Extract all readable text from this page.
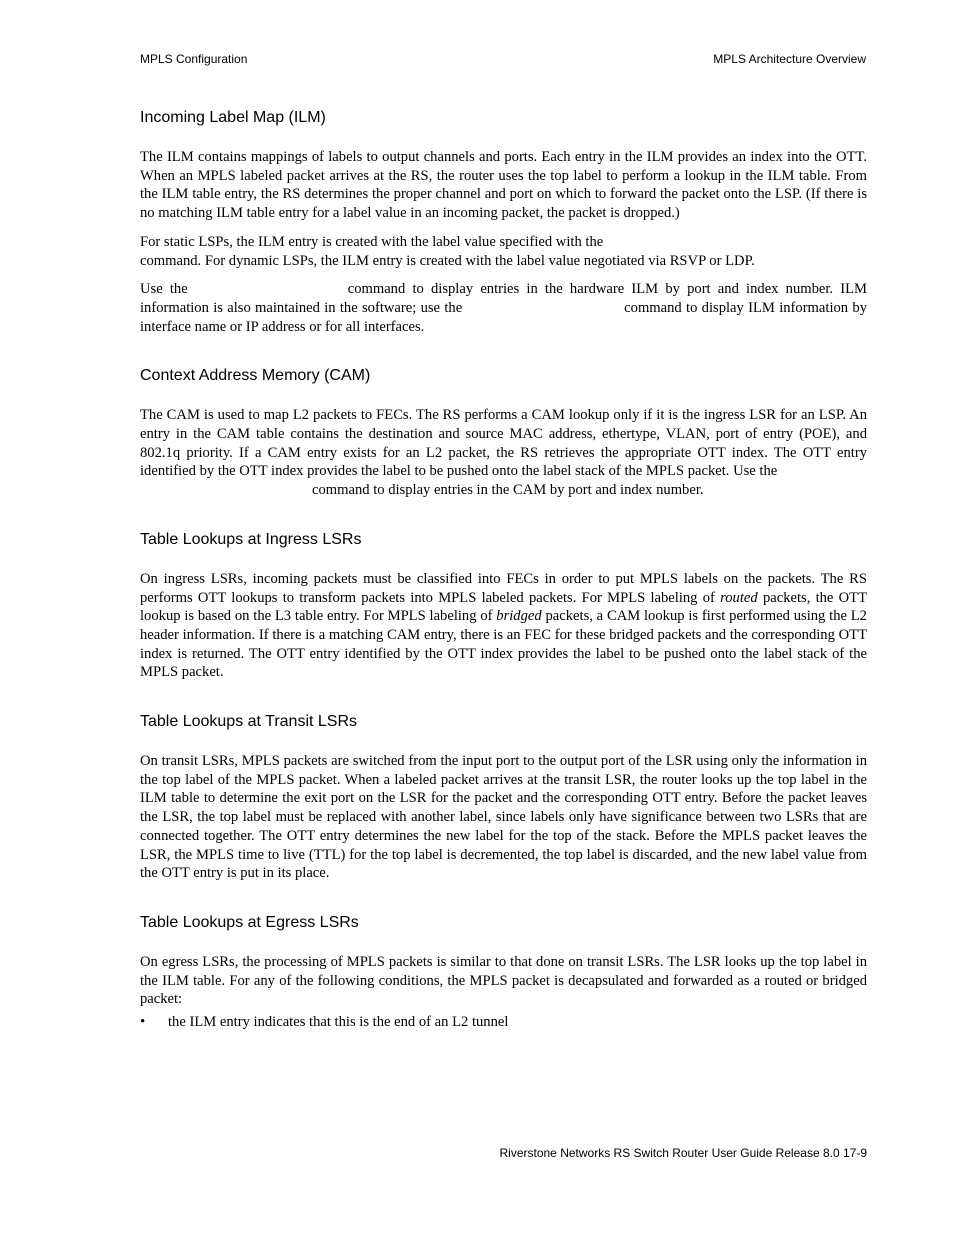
MPLS Configuration	MPLS Architecture Overview
Incoming Label Map (ILM)

The ILM contains mappings of labels to output channels and ports. Each entry in the ILM provides an index into the OTT. When an MPLS labeled packet arrives at the RS, the router uses the top label to perform a lookup in the ILM table. From the ILM table entry, the RS determines the proper channel and port on which to forward the packet onto the LSP. (If there is no matching ILM table entry for a label value in an incoming packet, the packet is dropped.)

For static LSPs, the ILM entry is created with the label value specified with the
command. For dynamic LSPs, the ILM entry is created with the label value negotiated via RSVP or LDP.

Use the	command to display entries in the hardware ILM by port and index number. ILM information is also maintained in the software; use the	command to display ILM information by interface name or IP address or for all interfaces.

Context Address Memory (CAM)

The CAM is used to map L2 packets to FECs. The RS performs a CAM lookup only if it is the ingress LSR for an LSP. An entry in the CAM table contains the destination and source MAC address, ethertype, VLAN, port of entry (POE), and 802.1q priority. If a CAM entry exists for an L2 packet, the RS retrieves the appropriate OTT index. The OTT entry identified by the OTT index provides the label to be pushed onto the label stack of the MPLS packet. Use the
command to display entries in the CAM by port and index number.

Table Lookups at Ingress LSRs

On ingress LSRs, incoming packets must be classified into FECs in order to put MPLS labels on the packets. The RS performs OTT lookups to transform packets into MPLS labeled packets. For MPLS labeling of routed packets, the OTT lookup is based on the L3 table entry. For MPLS labeling of bridged packets, a CAM lookup is first performed using the L2 header information. If there is a matching CAM entry, there is an FEC for these bridged packets and the corresponding OTT index is returned. The OTT entry identified by the OTT index provides the label to be pushed onto the label stack of the MPLS packet.

Table Lookups at Transit LSRs

On transit LSRs, MPLS packets are switched from the input port to the output port of the LSR using only the information in the top label of the MPLS packet. When a labeled packet arrives at the transit LSR, the router looks up the top label in the ILM table to determine the exit port on the LSR for the packet and the corresponding OTT entry. Before the packet leaves the LSR, the top label must be replaced with another label, since labels only have significance between two LSRs that are connected together. The OTT entry determines the new label for the top of the stack. Before the MPLS packet leaves the LSR, the MPLS time to live (TTL) for the top label is decremented, the top label is discarded, and the new label value from the OTT entry is put in its place.

Table Lookups at Egress LSRs

On egress LSRs, the processing of MPLS packets is similar to that done on transit LSRs. The LSR looks up the top label in the ILM table. For any of the following conditions, the MPLS packet is decapsulated and forwarded as a routed or bridged packet:

• the ILM entry indicates that this is the end of an L2 tunnel
Riverstone Networks RS Switch Router User Guide Release 8.0 17-9
